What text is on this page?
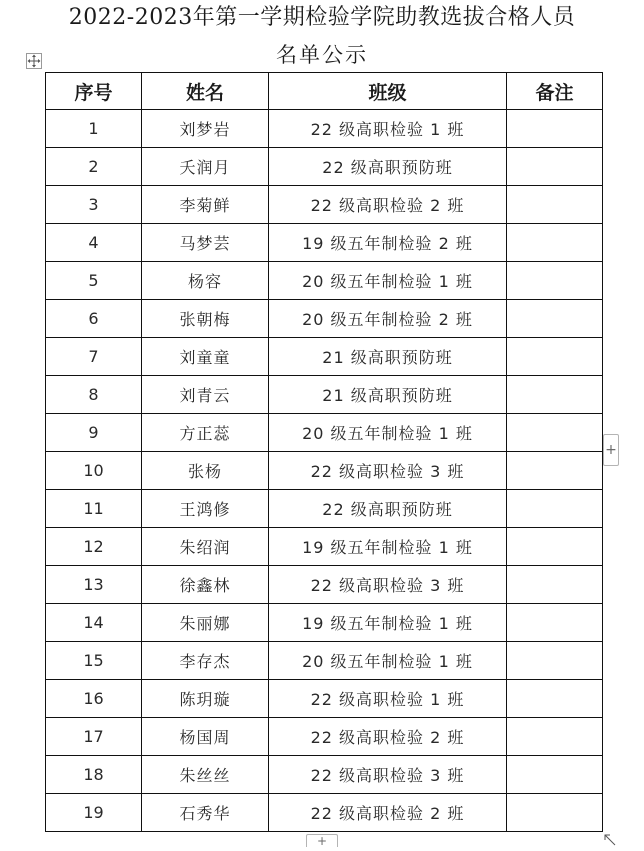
2022-2023年第一学期检验学院助教选拔合格人员
名单公示
序号	姓名	班级	备注
1	刘梦岩	22 级高职检验 1 班	
2	夭润月	22 级高职预防班	
3	李菊鲜	22 级高职检验 2 班	
4	马梦芸	19 级五年制检验 2 班	
5	杨容	20 级五年制检验 1 班	
6	张朝梅	20 级五年制检验 2 班	
7	刘童童	21 级高职预防班	
8	刘青云	21 级高职预防班	
9	方正蕊	20 级五年制检验 1 班	
10	张杨	22 级高职检验 3 班	
11	王鸿修	22 级高职预防班	
12	朱绍润	19 级五年制检验 1 班	
13	徐鑫林	22 级高职检验 3 班	
14	朱丽娜	19 级五年制检验 1 班	
15	李存杰	20 级五年制检验 1 班	
16	陈玥璇	22 级高职检验 1 班	
17	杨国周	22 级高职检验 2 班	
18	朱丝丝	22 级高职检验 3 班	
19	石秀华	22 级高职检验 2 班	
+
+
